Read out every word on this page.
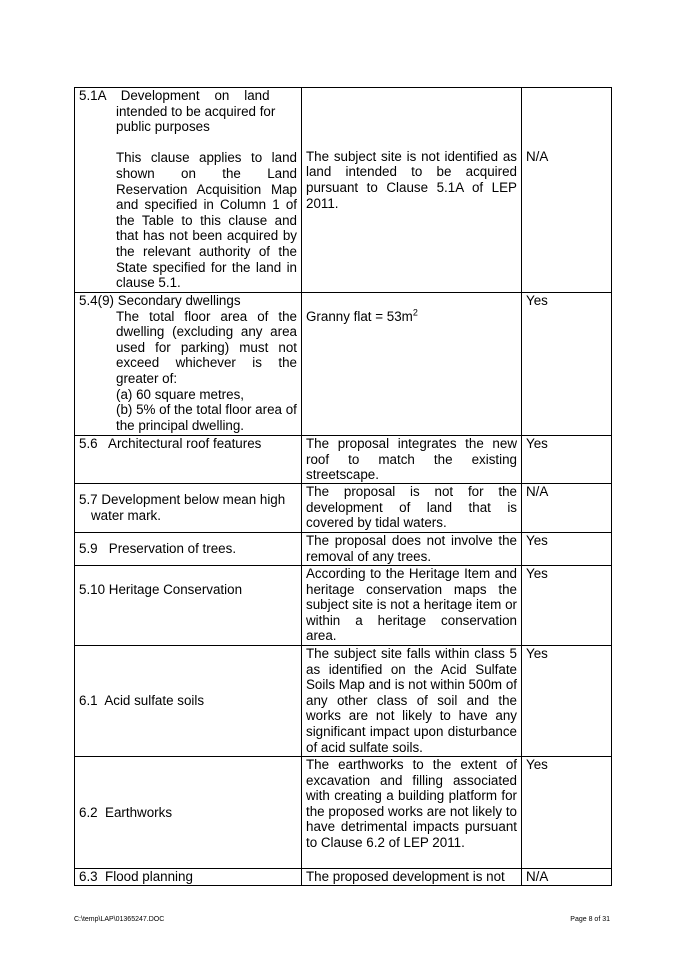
5.1A    Development    on    land
intended to be acquired for public purposes
This clause applies to land shown on the Land Reservation Acquisition Map and specified in Column 1 of the Table to this clause and that has not been acquired by the relevant authority of the State specified for the land in clause 5.1.	The subject site is not identified as land intended to be acquired pursuant to Clause 5.1A of LEP 2011.	N/A

5.4(9) Secondary dwellings
The total floor area of the dwelling (excluding any area used for parking) must not exceed whichever is the greater of:
(a) 60 square metres,
(b) 5% of the total floor area of the principal dwelling.	Granny flat = $53m^2$	Yes

5.6   Architectural roof features	The proposal integrates the new roof to match the existing streetscape.	Yes

5.7 Development below mean high
water mark.	The proposal is not for the development of land that is covered by tidal waters.	N/A

5.9   Preservation of trees.	The proposal does not involve the removal of any trees.	Yes

5.10 Heritage Conservation	According to the Heritage Item and heritage conservation maps the subject site is not a heritage item or within a heritage conservation area.	Yes

6.1  Acid sulfate soils	The subject site falls within class 5 as identified on the Acid Sulfate Soils Map and is not within 500m of any other class of soil and the works are not likely to have any significant impact upon disturbance of acid sulfate soils.	Yes

6.2  Earthworks	The earthworks to the extent of excavation and filling associated with creating a building platform for the proposed works are not likely to have detrimental impacts pursuant to Clause 6.2 of LEP 2011.	Yes

6.3  Flood planning	The proposed development is not	N/A
C:\temp\LAP\01365247.DOC	Page 8 of 31
